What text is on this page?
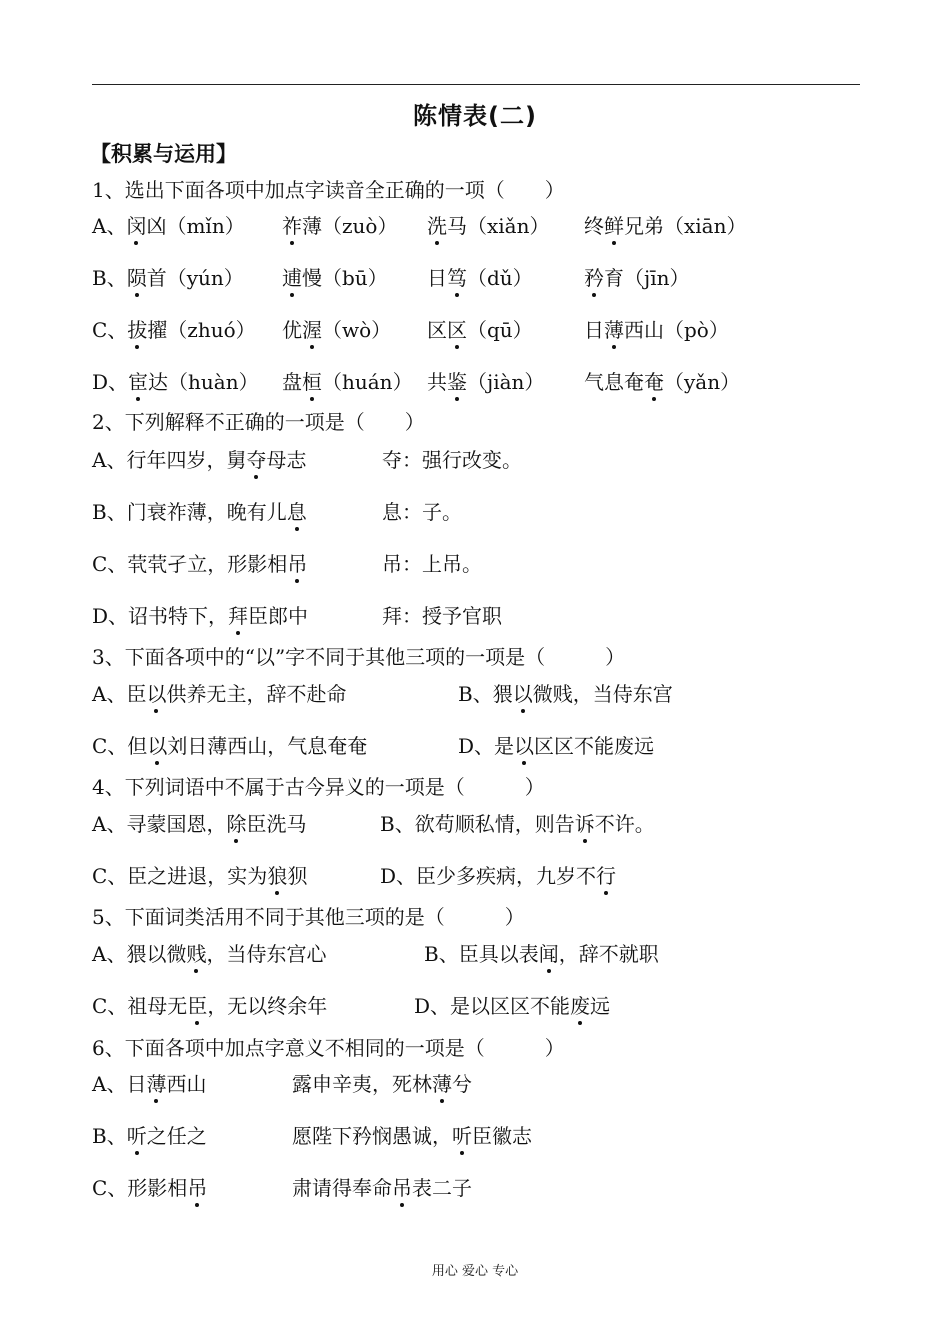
陈情表(二)
【积累与运用】
1、选出下面各项中加点字读音全正确的一项（　　）
2、下列解释不正确的一项是（　　）
3、下面各项中的“以”字不同于其他三项的一项是（　　　）
4、下列词语中不属于古今异义的一项是（　　　）
5、下面词类活用不同于其他三项的是（　　　）
6、下面各项中加点字意义不相同的一项是（　　　）
A、闵凶（mǐn） 祚薄（zuò） 洗马（xiǎn） 终鲜兄弟（xiān）
B、陨首（yún） 逋慢（bū） 日笃（dǔ）	矜育（jīn）
C、拔擢（zhuó） 优渥（wò） 区区（qū）	日薄西山（pò）
D、宦达（huàn） 盘桓（huán） 共鉴（jiàn） 气息奄奄（yǎn）
A、行年四岁，舅夺母志	夺：强行改变。
B、门衰祚薄，晚有儿息	息：子。
C、茕茕孑立，形影相吊	吊：上吊。
D、诏书特下，拜臣郎中	拜：授予官职
A、臣以供养无主，辞不赴命	B、猥以微贱，当侍东宫
C、但以刘日薄西山，气息奄奄	D、是以区区不能废远
A、寻蒙国恩，除臣洗马	B、欲苟顺私情，则告诉不许。
C、臣之进退，实为狼狈	D、臣少多疾病，九岁不行
A、猥以微贱，当侍东宫心	B、臣具以表闻，辞不就职
C、祖母无臣，无以终余年	D、是以区区不能废远
A、日薄西山	露申辛夷，死林薄兮
B、听之任之	愿陛下矜悯愚诚，听臣徽志
C、形影相吊	肃请得奉命吊表二子
用心 爱心 专心
